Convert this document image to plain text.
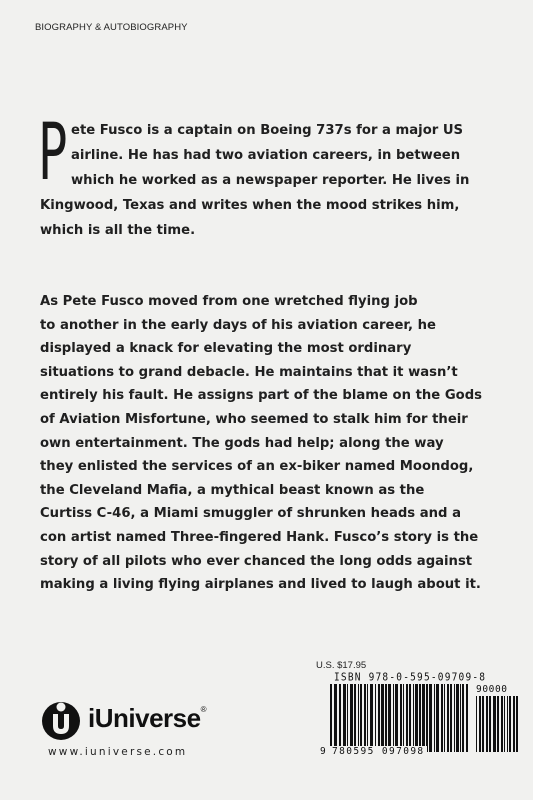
BIOGRAPHY & AUTOBIOGRAPHY
P ete Fusco is a captain on Boeing 737s for a major US
airline. He has had two aviation careers, in between
which he worked as a newspaper reporter. He lives in
Kingwood, Texas and writes when the mood strikes him,
which is all the time.
As Pete Fusco moved from one wretched flying job
to another in the early days of his aviation career, he
displayed a knack for elevating the most ordinary
situations to grand debacle. He maintains that it wasn’t
entirely his fault. He assigns part of the blame on the Gods
of Aviation Misfortune, who seemed to stalk him for their
own entertainment. The gods had help; along the way
they enlisted the services of an ex-biker named Moondog,
the Cleveland Mafia, a mythical beast known as the
Curtiss C-46, a Miami smuggler of shrunken heads and a
con artist named Three-fingered Hank. Fusco’s story is the
story of all pilots who ever chanced the long odds against
making a living flying airplanes and lived to laugh about it.
iUniverse®
www.iuniverse.com
U.S. $17.95
ISBN 978-0-595-09709-8
90000
9 780595 097098
